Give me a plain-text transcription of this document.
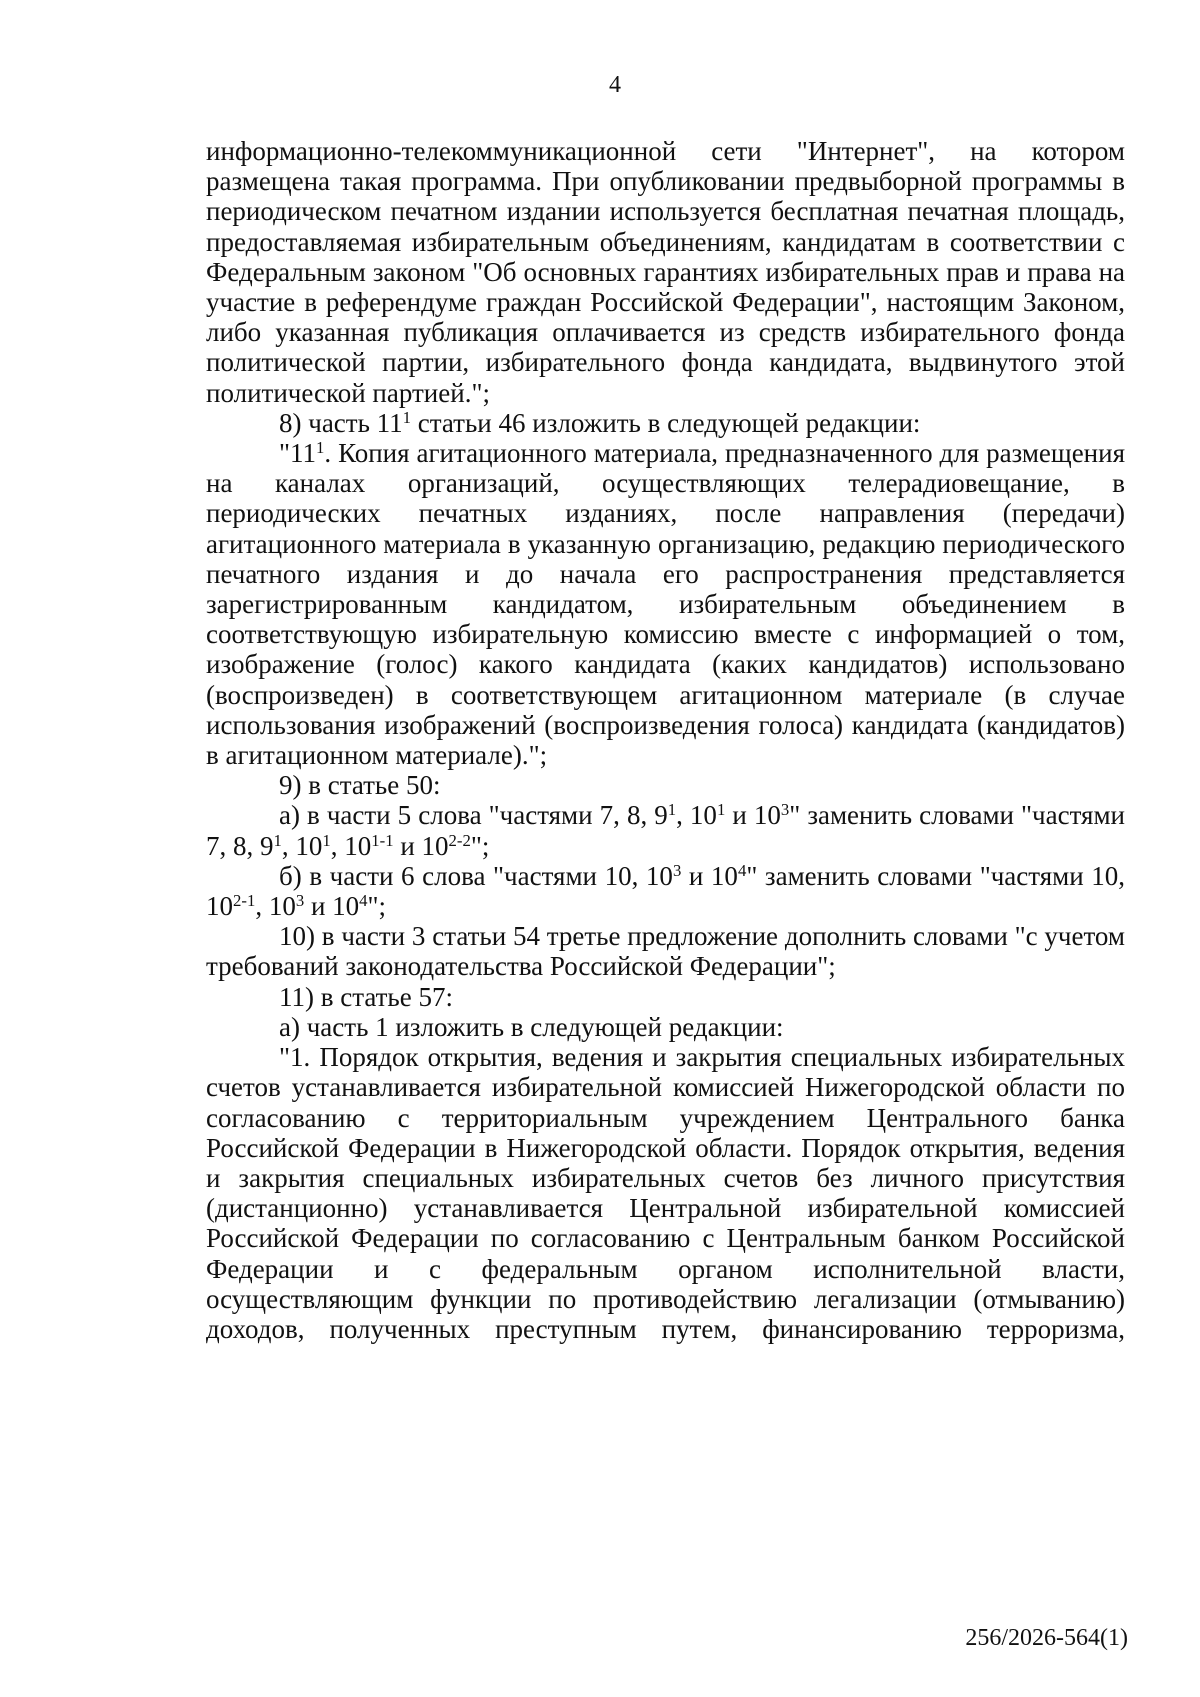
4

информационно-телекоммуникационной сети "Интернет", на котором размещена такая программа. При опубликовании предвыборной программы в периодическом печатном издании используется бесплатная печатная площадь, предоставляемая избирательным объединениям, кандидатам в соответствии с Федеральным законом "Об основных гарантиях избирательных прав и права на участие в референдуме граждан Российской Федерации", настоящим Законом, либо указанная публикация оплачивается из средств избирательного фонда политической партии, избирательного фонда кандидата, выдвинутого этой политической партией.";

8) часть $11^1$ статьи 46 изложить в следующей редакции:

"$11^1$. Копия агитационного материала, предназначенного для размещения на каналах организаций, осуществляющих телерадиовещание, в периодических печатных изданиях, после направления (передачи) агитационного материала в указанную организацию, редакцию периодического печатного издания и до начала его распространения представляется зарегистрированным кандидатом, избирательным объединением в соответствующую избирательную комиссию вместе с информацией о том, изображение (голос) какого кандидата (каких кандидатов) использовано (воспроизведен) в соответствующем агитационном материале (в случае использования изображений (воспроизведения голоса) кандидата (кандидатов) в агитационном материале).";

9) в статье 50:

а) в части 5 слова "частями 7, 8, $9^1$, $10^1$ и $10^3$" заменить словами "частями 7, 8, $9^1$, $10^1$, 10$^{1-1}$ и 10$^{2-2}$";

б) в части 6 слова "частями 10, $10^3$ и $10^4$" заменить словами "частями 10, 10$^{2-1}$, $10^3$ и $10^4$";

10) в части 3 статьи 54 третье предложение дополнить словами "с учетом требований законодательства Российской Федерации";

11) в статье 57:

а) часть 1 изложить в следующей редакции:

"1. Порядок открытия, ведения и закрытия специальных избирательных счетов устанавливается избирательной комиссией Нижегородской области по согласованию с территориальным учреждением Центрального банка Российской Федерации в Нижегородской области. Порядок открытия, ведения и закрытия специальных избирательных счетов без личного присутствия (дистанционно) устанавливается Центральной избирательной комиссией Российской Федерации по согласованию с Центральным банком Российской Федерации и с федеральным органом исполнительной власти, осуществляющим функции по противодействию легализации (отмыванию) доходов, полученных преступным путем, финансированию терроризма,

256/2026-564(1)
